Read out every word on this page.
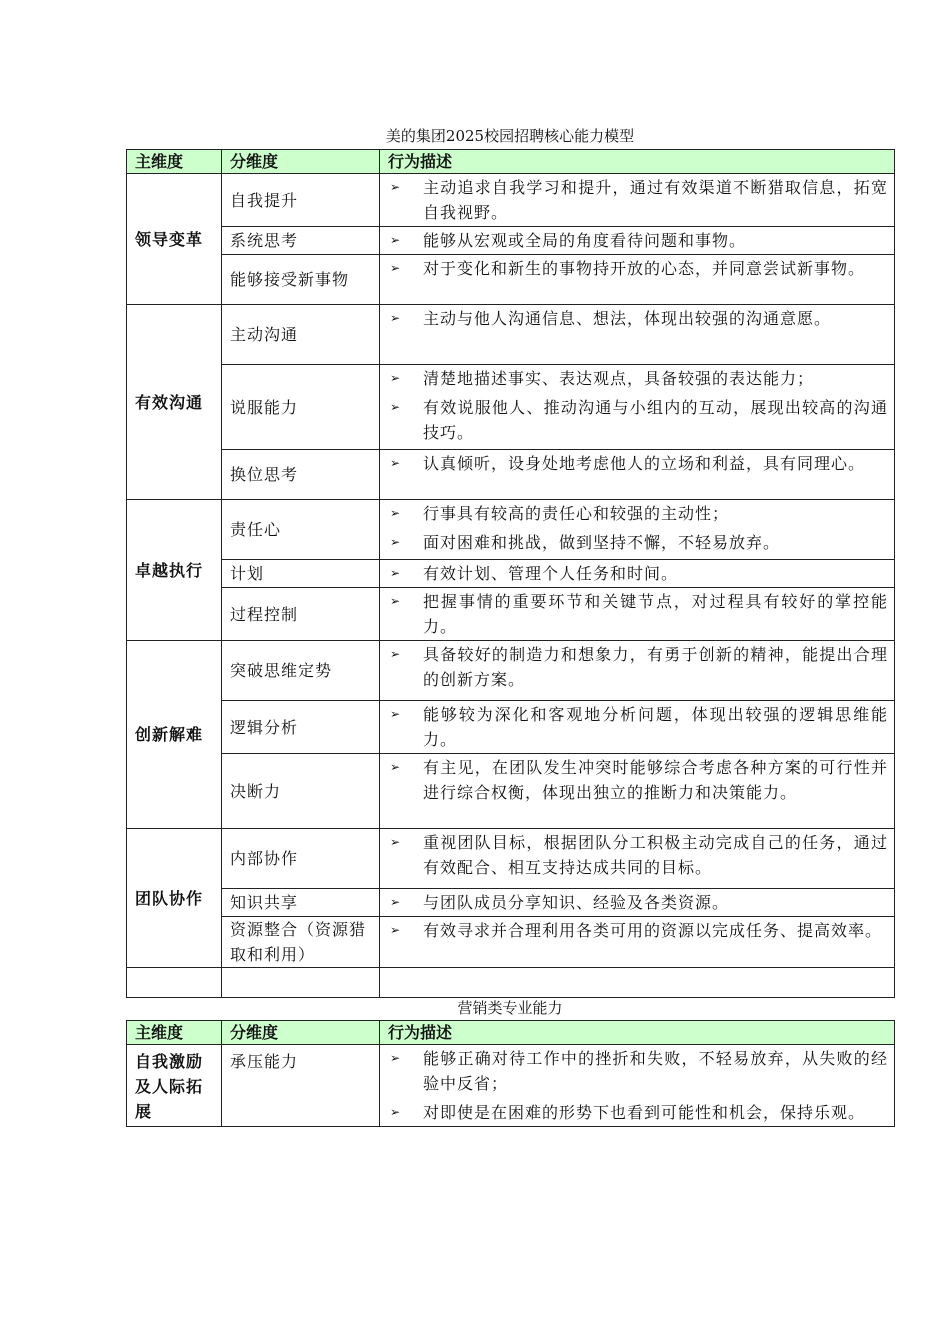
美的集团2025校园招聘核心能力模型
主维度	分维度	行为描述
领导变革	自我提升	➢ 主动追求自我学习和提升，通过有效渠道不断猎取信息，拓宽自我视野。

	系统思考	➢ 能够从宏观或全局的角度看待问题和事物。

	能够接受新事物	➢ 对于变化和新生的事物持开放的心态，并同意尝试新事物。

有效沟通	主动沟通	➢ 主动与他人沟通信息、想法，体现出较强的沟通意愿。

	说服能力	➢ 清楚地描述事实、表达观点，具备较强的表达能力；
➢ 有效说服他人、推动沟通与小组内的互动，展现出较高的沟通技巧。

	换位思考	➢ 认真倾听，设身处地考虑他人的立场和利益，具有同理心。

卓越执行	责任心	➢ 行事具有较高的责任心和较强的主动性；
➢ 面对困难和挑战，做到坚持不懈，不轻易放弃。

	计划	➢ 有效计划、管理个人任务和时间。

	过程控制	➢ 把握事情的重要环节和关键节点，对过程具有较好的掌控能力。

创新解难	突破思维定势	➢ 具备较好的制造力和想象力，有勇于创新的精神，能提出合理的创新方案。

	逻辑分析	➢ 能够较为深化和客观地分析问题，体现出较强的逻辑思维能力。

	决断力	➢ 有主见，在团队发生冲突时能够综合考虑各种方案的可行性并进行综合权衡，体现出独立的推断力和决策能力。

团队协作	内部协作	➢ 重视团队目标，根据团队分工积极主动完成自己的任务，通过有效配合、相互支持达成共同的目标。

	知识共享	➢ 与团队成员分享知识、经验及各类资源。

	资源整合（资源猎取和利用）	➢ 有效寻求并合理利用各类可用的资源以完成任务、提高效率。

营销类专业能力
主维度	分维度	行为描述
自我激励及人际拓展	承压能力	➢ 能够正确对待工作中的挫折和失败，不轻易放弃，从失败的经验中反省；
➢ 对即使是在困难的形势下也看到可能性和机会，保持乐观。
